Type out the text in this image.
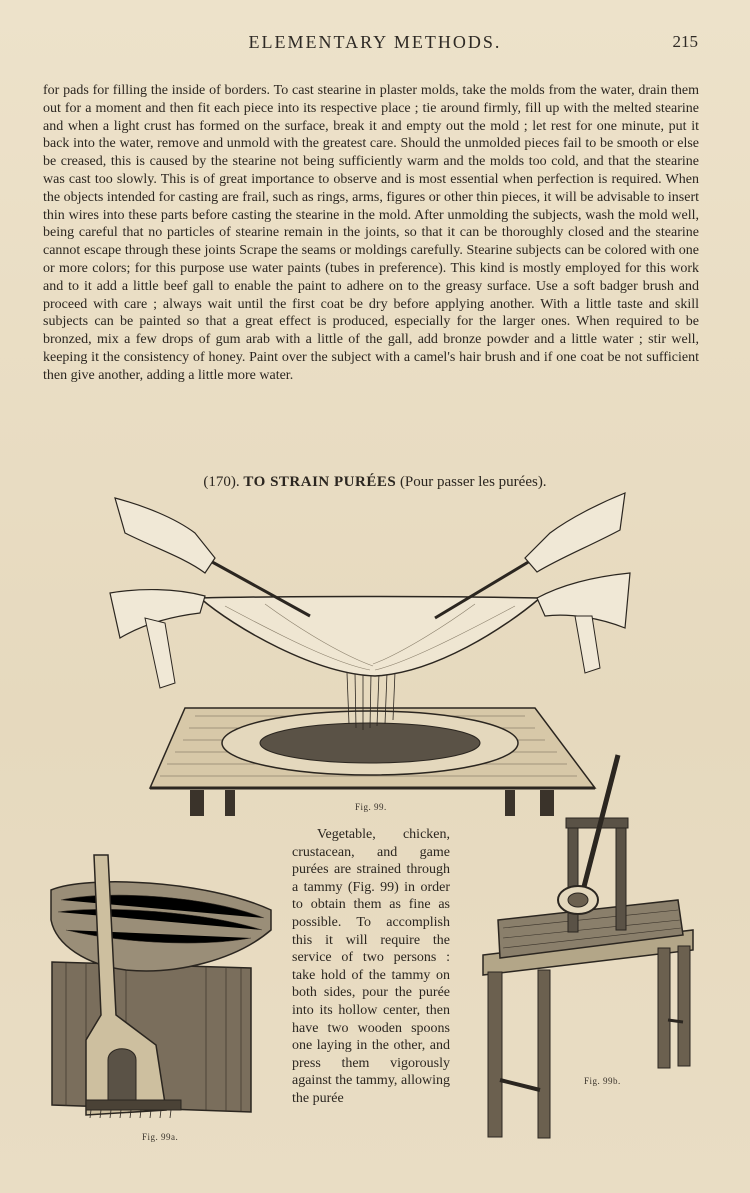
ELEMENTARY METHODS.	215
for pads for filling the inside of borders. To cast stearine in plaster molds, take the molds from the water, drain them out for a moment and then fit each piece into its respective place ; tie around firmly, fill up with the melted stearine and when a light crust has formed on the surface, break it and empty out the mold ; let rest for one minute, put it back into the water, remove and unmold with the greatest care. Should the unmolded pieces fail to be smooth or else be creased, this is caused by the stearine not being sufficiently warm and the molds too cold, and that the stearine was cast too slowly. This is of great importance to observe and is most essential when perfection is required. When the objects intended for casting are frail, such as rings, arms, figures or other thin pieces, it will be advisable to insert thin wires into these parts before casting the stearine in the mold. After unmolding the subjects, wash the mold well, being careful that no particles of stearine remain in the joints, so that it can be thoroughly closed and the stearine cannot escape through these joints Scrape the seams or moldings carefully. Stearine subjects can be colored with one or more colors; for this purpose use water paints (tubes in preference). This kind is mostly employed for this work and to it add a little beef gall to enable the paint to adhere on to the greasy surface. Use a soft badger brush and proceed with care ; always wait until the first coat be dry before applying another. With a little taste and skill subjects can be painted so that a great effect is produced, especially for the larger ones. When required to be bronzed, mix a few drops of gum arab with a little of the gall, add bronze powder and a little water ; stir well, keeping it the consistency of honey. Paint over the subject with a camel's hair brush and if one coat be not sufficient then give another, adding a little more water.
(170). TO STRAIN PURÉES (Pour passer les purées).
Fig. 99.
Fig. 99a.
Vegetable, chicken, crustacean, and game purées are strained through a tammy (Fig. 99) in order to obtain them as fine as possible. To accomplish this it will require the service of two persons : take hold of the tammy on both sides, pour the purée into its hollow center, then have two wooden spoons one laying in the other, and press them vigorously against the tammy, allowing the purée
Fig. 99b.
